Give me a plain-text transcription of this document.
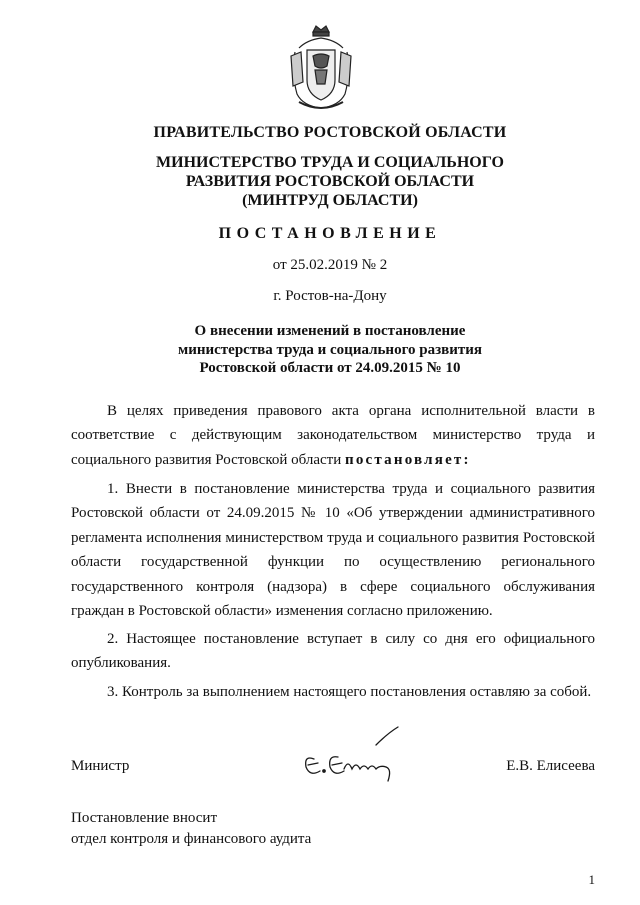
ПРАВИТЕЛЬСТВО РОСТОВСКОЙ ОБЛАСТИ
МИНИСТЕРСТВО ТРУДА И СОЦИАЛЬНОГО
РАЗВИТИЯ РОСТОВСКОЙ ОБЛАСТИ
(МИНТРУД ОБЛАСТИ)
ПОСТАНОВЛЕНИЕ
от 25.02.2019 № 2
г. Ростов-на-Дону
О внесении изменений в постановление
министерства труда и социального развития
Ростовской области от 24.09.2015 № 10

В целях приведения правового акта органа исполнительной власти в соответствие с действующим законодательством министерство труда и социального развития Ростовской области постановляет:

1. Внести в постановление министерства труда и социального развития Ростовской области от 24.09.2015 № 10 «Об утверждении административного регламента исполнения министерством труда и социального развития Ростовской области государственной функции по осуществлению регионального государственного контроля (надзора) в сфере социального обслуживания граждан в Ростовской области» изменения согласно приложению.

2. Настоящее постановление вступает в силу со дня его официального опубликования.

3. Контроль за выполнением настоящего постановления оставляю за собой.

Министр	Е.В. Елисеева
Постановление вносит
отдел контроля и финансового аудита
1
